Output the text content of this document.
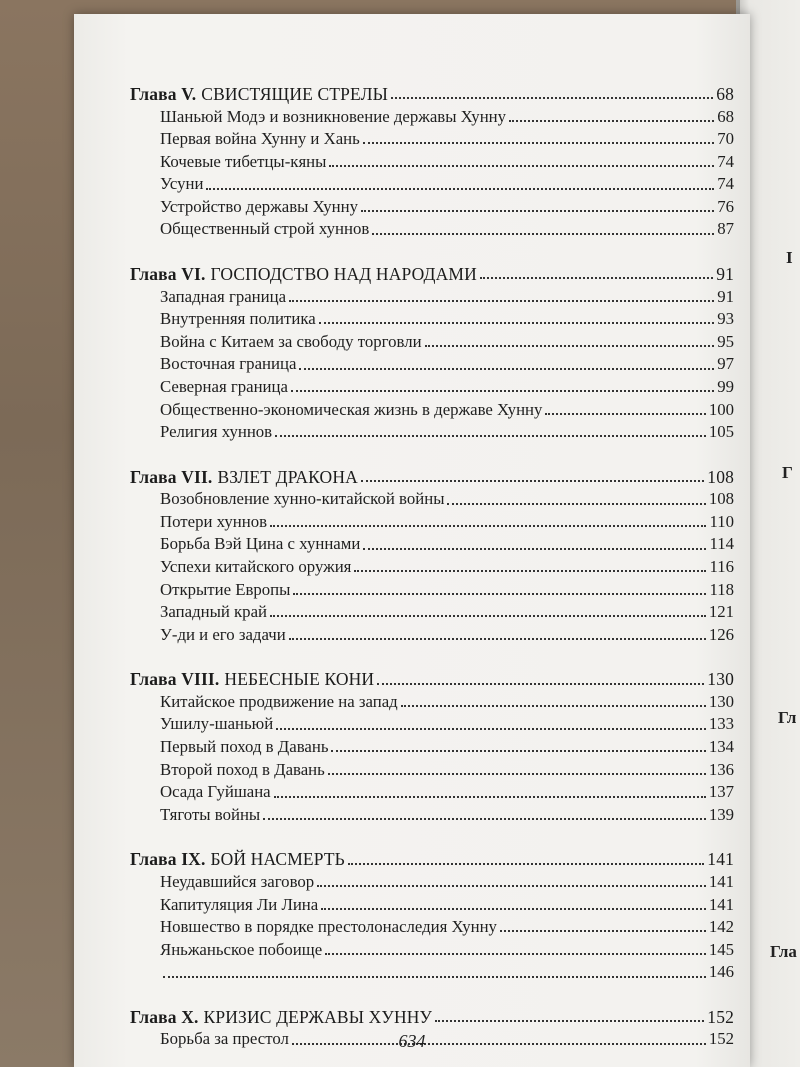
I
Г
Гл
Гла
Глава V. СВИСТЯЩИЕ СТРЕЛЫ	68
Шаньюй Модэ и возникновение державы Хунну	68
Первая война Хунну и Хань	70
Кочевые тибетцы-кяны	74
Усуни	74
Устройство державы Хунну	76
Общественный строй хуннов	87
Глава VI. ГОСПОДСТВО НАД НАРОДАМИ	91
Западная граница	91
Внутренняя политика	93
Война с Китаем за свободу торговли	95
Восточная граница	97
Северная граница	99
Общественно-экономическая жизнь в державе Хунну	100
Религия хуннов	105
Глава VII. ВЗЛЕТ ДРАКОНА	108
Возобновление хунно-китайской войны	108
Потери хуннов	110
Борьба Вэй Цина с хуннами	114
Успехи китайского оружия	116
Открытие Европы	118
Западный край	121
У-ди и его задачи	126
Глава VIII. НЕБЕСНЫЕ КОНИ	130
Китайское продвижение на запад	130
Ушилу-шаньюй	133
Первый поход в Давань	134
Второй поход в Давань	136
Осада Гуйшана	137
Тяготы войны	139
Глава IX. БОЙ НАСМЕРТЬ	141
Неудавшийся заговор	141
Капитуляция Ли Лина	141
Новшество в порядке престолонаследия Хунну	142
Яньжаньское побоище	145
146
Глава X. КРИЗИС ДЕРЖАВЫ ХУННУ	152
Борьба за престол	152
634
